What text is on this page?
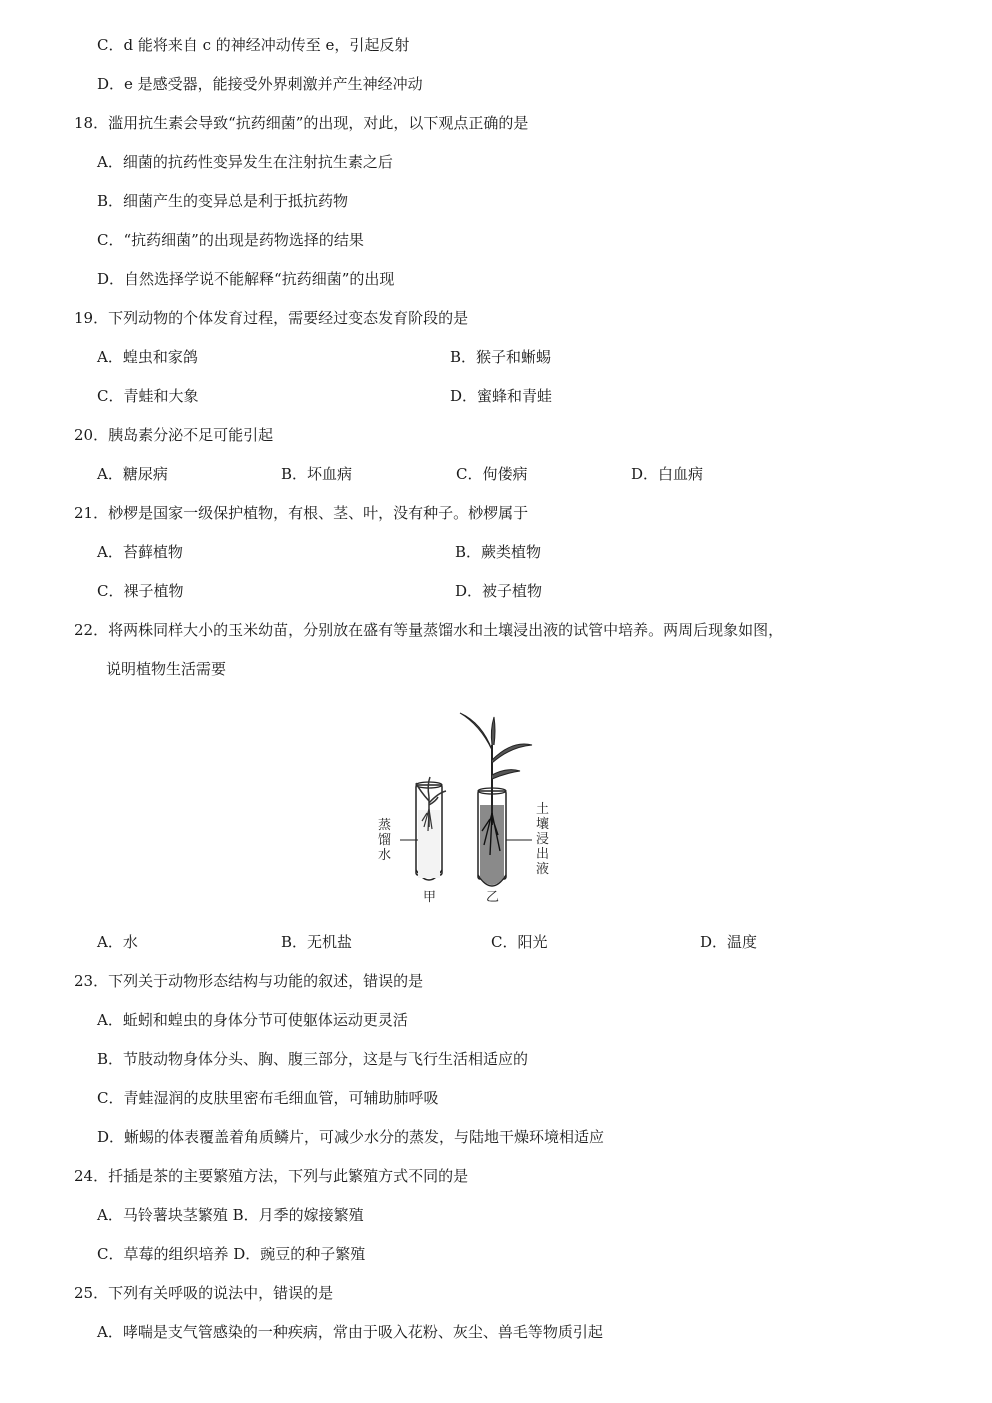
C．d 能将来自 c 的神经冲动传至 e，引起反射
D．e 是感受器，能接受外界刺激并产生神经冲动
18．滥用抗生素会导致“抗药细菌”的出现，对此，以下观点正确的是
A．细菌的抗药性变异发生在注射抗生素之后
B．细菌产生的变异总是利于抵抗药物
C．“抗药细菌”的出现是药物选择的结果
D．自然选择学说不能解释“抗药细菌”的出现
19．下列动物的个体发育过程，需要经过变态发育阶段的是
A．蝗虫和家鸽	B．猴子和蜥蜴
C．青蛙和大象	D．蜜蜂和青蛙
20．胰岛素分泌不足可能引起
A．糖尿病	B．坏血病	C．佝偻病	D．白血病
21．桫椤是国家一级保护植物，有根、茎、叶，没有种子。桫椤属于
A．苔藓植物	B．蕨类植物
C．裸子植物	D．被子植物
22．将两株同样大小的玉米幼苗，分别放在盛有等量蒸馏水和土壤浸出液的试管中培养。两周后现象如图，
说明植物生活需要
蒸
馏
水
土
壤
浸
出
液
甲	乙
A．水	B．无机盐	C．阳光	D．温度
23．下列关于动物形态结构与功能的叙述，错误的是
A．蚯蚓和蝗虫的身体分节可使躯体运动更灵活
B．节肢动物身体分头、胸、腹三部分，这是与飞行生活相适应的
C．青蛙湿润的皮肤里密布毛细血管，可辅助肺呼吸
D．蜥蜴的体表覆盖着角质鳞片，可减少水分的蒸发，与陆地干燥环境相适应
24．扦插是茶的主要繁殖方法，下列与此繁殖方式不同的是
A．马铃薯块茎繁殖 B．月季的嫁接繁殖
C．草莓的组织培养 D．豌豆的种子繁殖
25．下列有关呼吸的说法中，错误的是
A．哮喘是支气管感染的一种疾病，常由于吸入花粉、灰尘、兽毛等物质引起
